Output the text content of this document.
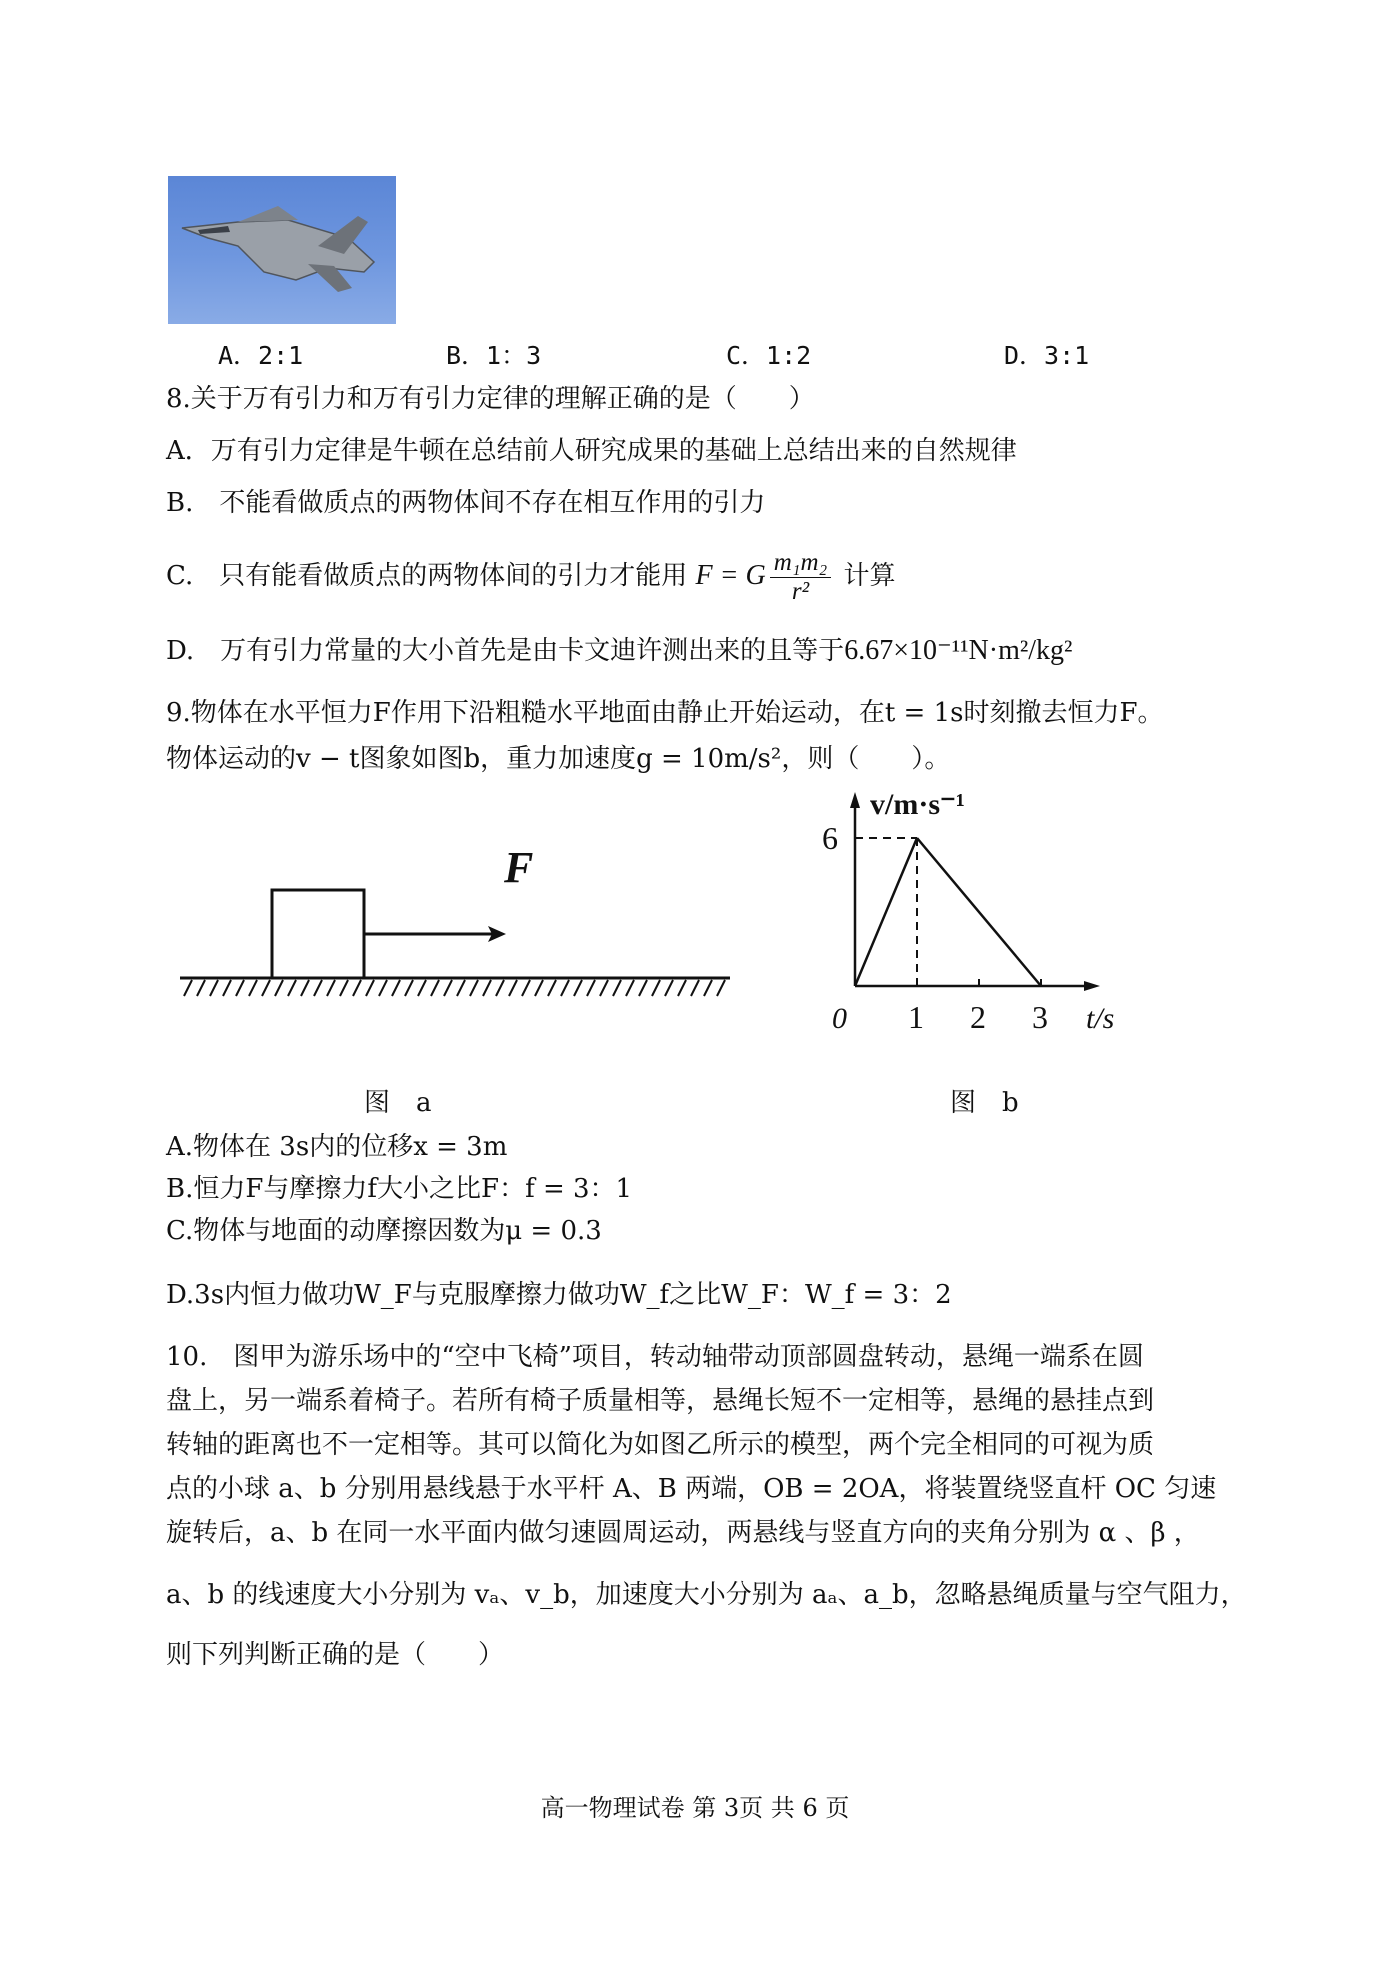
A．2:1	B．1：3	C．1:2	D．3:1
8.关于万有引力和万有引力定律的理解正确的是（　　）
A．万有引力定律是牛顿在总结前人研究成果的基础上总结出来的自然规律
B.　不能看做质点的两物体间不存在相互作用的引力
C.　只有能看做质点的两物体间的引力才能用 F = G $\frac{\text{m₁m₂}}{\text{r²}}$ 计算
D.　万有引力常量的大小首先是由卡文迪许测出来的且等于6.67×10⁻¹¹N·m²/kg²
9.物体在水平恒力F作用下沿粗糙水平地面由静止开始运动，在t = 1s时刻撤去恒力F。
物体运动的v − t图象如图b，重力加速度g = 10m/s²，则（　　）。
F
图　a
v/m·s⁻¹
t/s
0 1 2 3
6
图　b
A.物体在 3s内的位移x = 3m
B.恒力F与摩擦力f大小之比F：f = 3：1
C.物体与地面的动摩擦因数为μ = 0.3
D.3s内恒力做功W_F与克服摩擦力做功W_f之比W_F：W_f = 3：2
10.　图甲为游乐场中的“空中飞椅”项目，转动轴带动顶部圆盘转动，悬绳一端系在圆
盘上，另一端系着椅子。若所有椅子质量相等，悬绳长短不一定相等，悬绳的悬挂点到
转轴的距离也不一定相等。其可以简化为如图乙所示的模型，两个完全相同的可视为质
点的小球 a、b 分别用悬线悬于水平杆 A、B 两端，OB = 2OA，将装置绕竖直杆 OC 匀速
旋转后，a、b 在同一水平面内做匀速圆周运动，两悬线与竖直方向的夹角分别为 α 、β ，
a、b 的线速度大小分别为 vₐ、v_b，加速度大小分别为 aₐ、a_b，忽略悬绳质量与空气阻力，
则下列判断正确的是（　　）
高一物理试卷 第 3页 共 6 页
